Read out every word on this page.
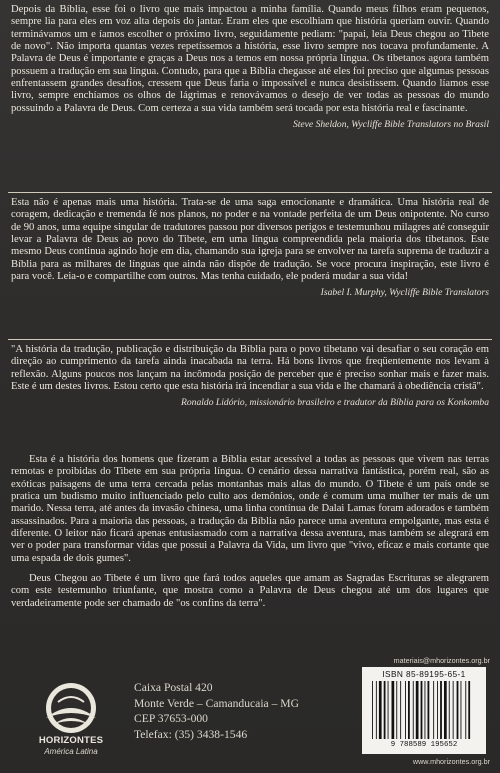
Depois da Bíblia, esse foi o livro que mais impactou a minha família. Quando meus filhos eram pequenos, sempre lia para eles em voz alta depois do jantar. Eram eles que escolhiam que história queriam ouvir. Quando terminávamos um e íamos escolher o próximo livro, seguidamente pediam: "papai, leia Deus chegou ao Tibete de novo". Não importa quantas vezes repetíssemos a história, esse livro sempre nos tocava profundamente. A Palavra de Deus é importante e graças a Deus nos a temos em nossa própria língua. Os tibetanos agora também possuem a tradução em sua língua. Contudo, para que a Bíblia chegasse até eles foi preciso que algumas pessoas enfrentassem grandes desafios, cressem que Deus faria o impossível e nunca desistissem. Quando líamos esse livro, sempre enchíamos os olhos de lágrimas e renovávamos o desejo de ver todas as pessoas do mundo possuindo a Palavra de Deus. Com certeza a sua vida também será tocada por esta história real e fascinante.

Steve Sheldon, Wycliffe Bible Translators no Brasil

Esta não é apenas mais uma história. Trata-se de uma saga emocionante e dramática. Uma história real de coragem, dedicação e tremenda fé nos planos, no poder e na vontade perfeita de um Deus onipotente. No curso de 90 anos, uma equipe singular de tradutores passou por diversos perigos e testemunhou milagres até conseguir levar a Palavra de Deus ao povo do Tibete, em uma língua compreendida pela maioria dos tibetanos. Este mesmo Deus continua agindo hoje em dia, chamando sua igreja para se envolver na tarefa suprema de traduzir a Bíblia para as milhares de línguas que ainda não dispõe de tradução. Se voce procura inspiração, este livro é para você. Leia-o e compartilhe com outros. Mas tenha cuidado, ele poderá mudar a sua vida!

Isabel I. Murphy, Wycliffe Bible Translators

"A história da tradução, publicação e distribuição da Bíblia para o povo tibetano vai desafiar o seu coração em direção ao cumprimento da tarefa ainda inacabada na terra. Há bons livros que freqüentemente nos levam à reflexão. Alguns poucos nos lançam na incômoda posição de perceber que é preciso sonhar mais e fazer mais. Este é um destes livros. Estou certo que esta história irá incendiar a sua vida e lhe chamará à obediência cristã".

Ronaldo Lidório, missionário brasileiro e tradutor da Bíblia para os Konkomba

Esta é a história dos homens que fizeram a Bíblia estar acessível a todas as pessoas que vivem nas terras remotas e proibidas do Tibete em sua própria língua. O cenário dessa narrativa fantástica, porém real, são as exóticas paisagens de uma terra cercada pelas montanhas mais altas do mundo. O Tibete é um país onde se pratica um budismo muito influenciado pelo culto aos demônios, onde é comum uma mulher ter mais de um marido. Nessa terra, até antes da invasão chinesa, uma linha contínua de Dalai Lamas foram adorados e também assassinados. Para a maioria das pessoas, a tradução da Bíblia não parece uma aventura empolgante, mas esta é diferente. O leitor não ficará apenas entusiasmado com a narrativa dessa aventura, mas também se alegrará em ver o poder para transformar vidas que possui a Palavra da Vida, um livro que "vivo, eficaz e mais cortante que uma espada de dois gumes".

Deus Chegou ao Tibete é um livro que fará todos aqueles que amam as Sagradas Escrituras se alegrarem com este testemunho triunfante, que mostra como a Palavra de Deus chegou até um dos lugares que verdadeiramente pode ser chamado de "os confins da terra".

HORIZONTES
América Latina
Caixa Postal 420
Monte Verde – Camanducaia – MG
CEP 37653-000
Telefax: (35) 3438-1546
materiais@mhorizontes.org.br
ISBN 85-89195-65-1
9 788589 195652
www.mhorizontes.org.br
